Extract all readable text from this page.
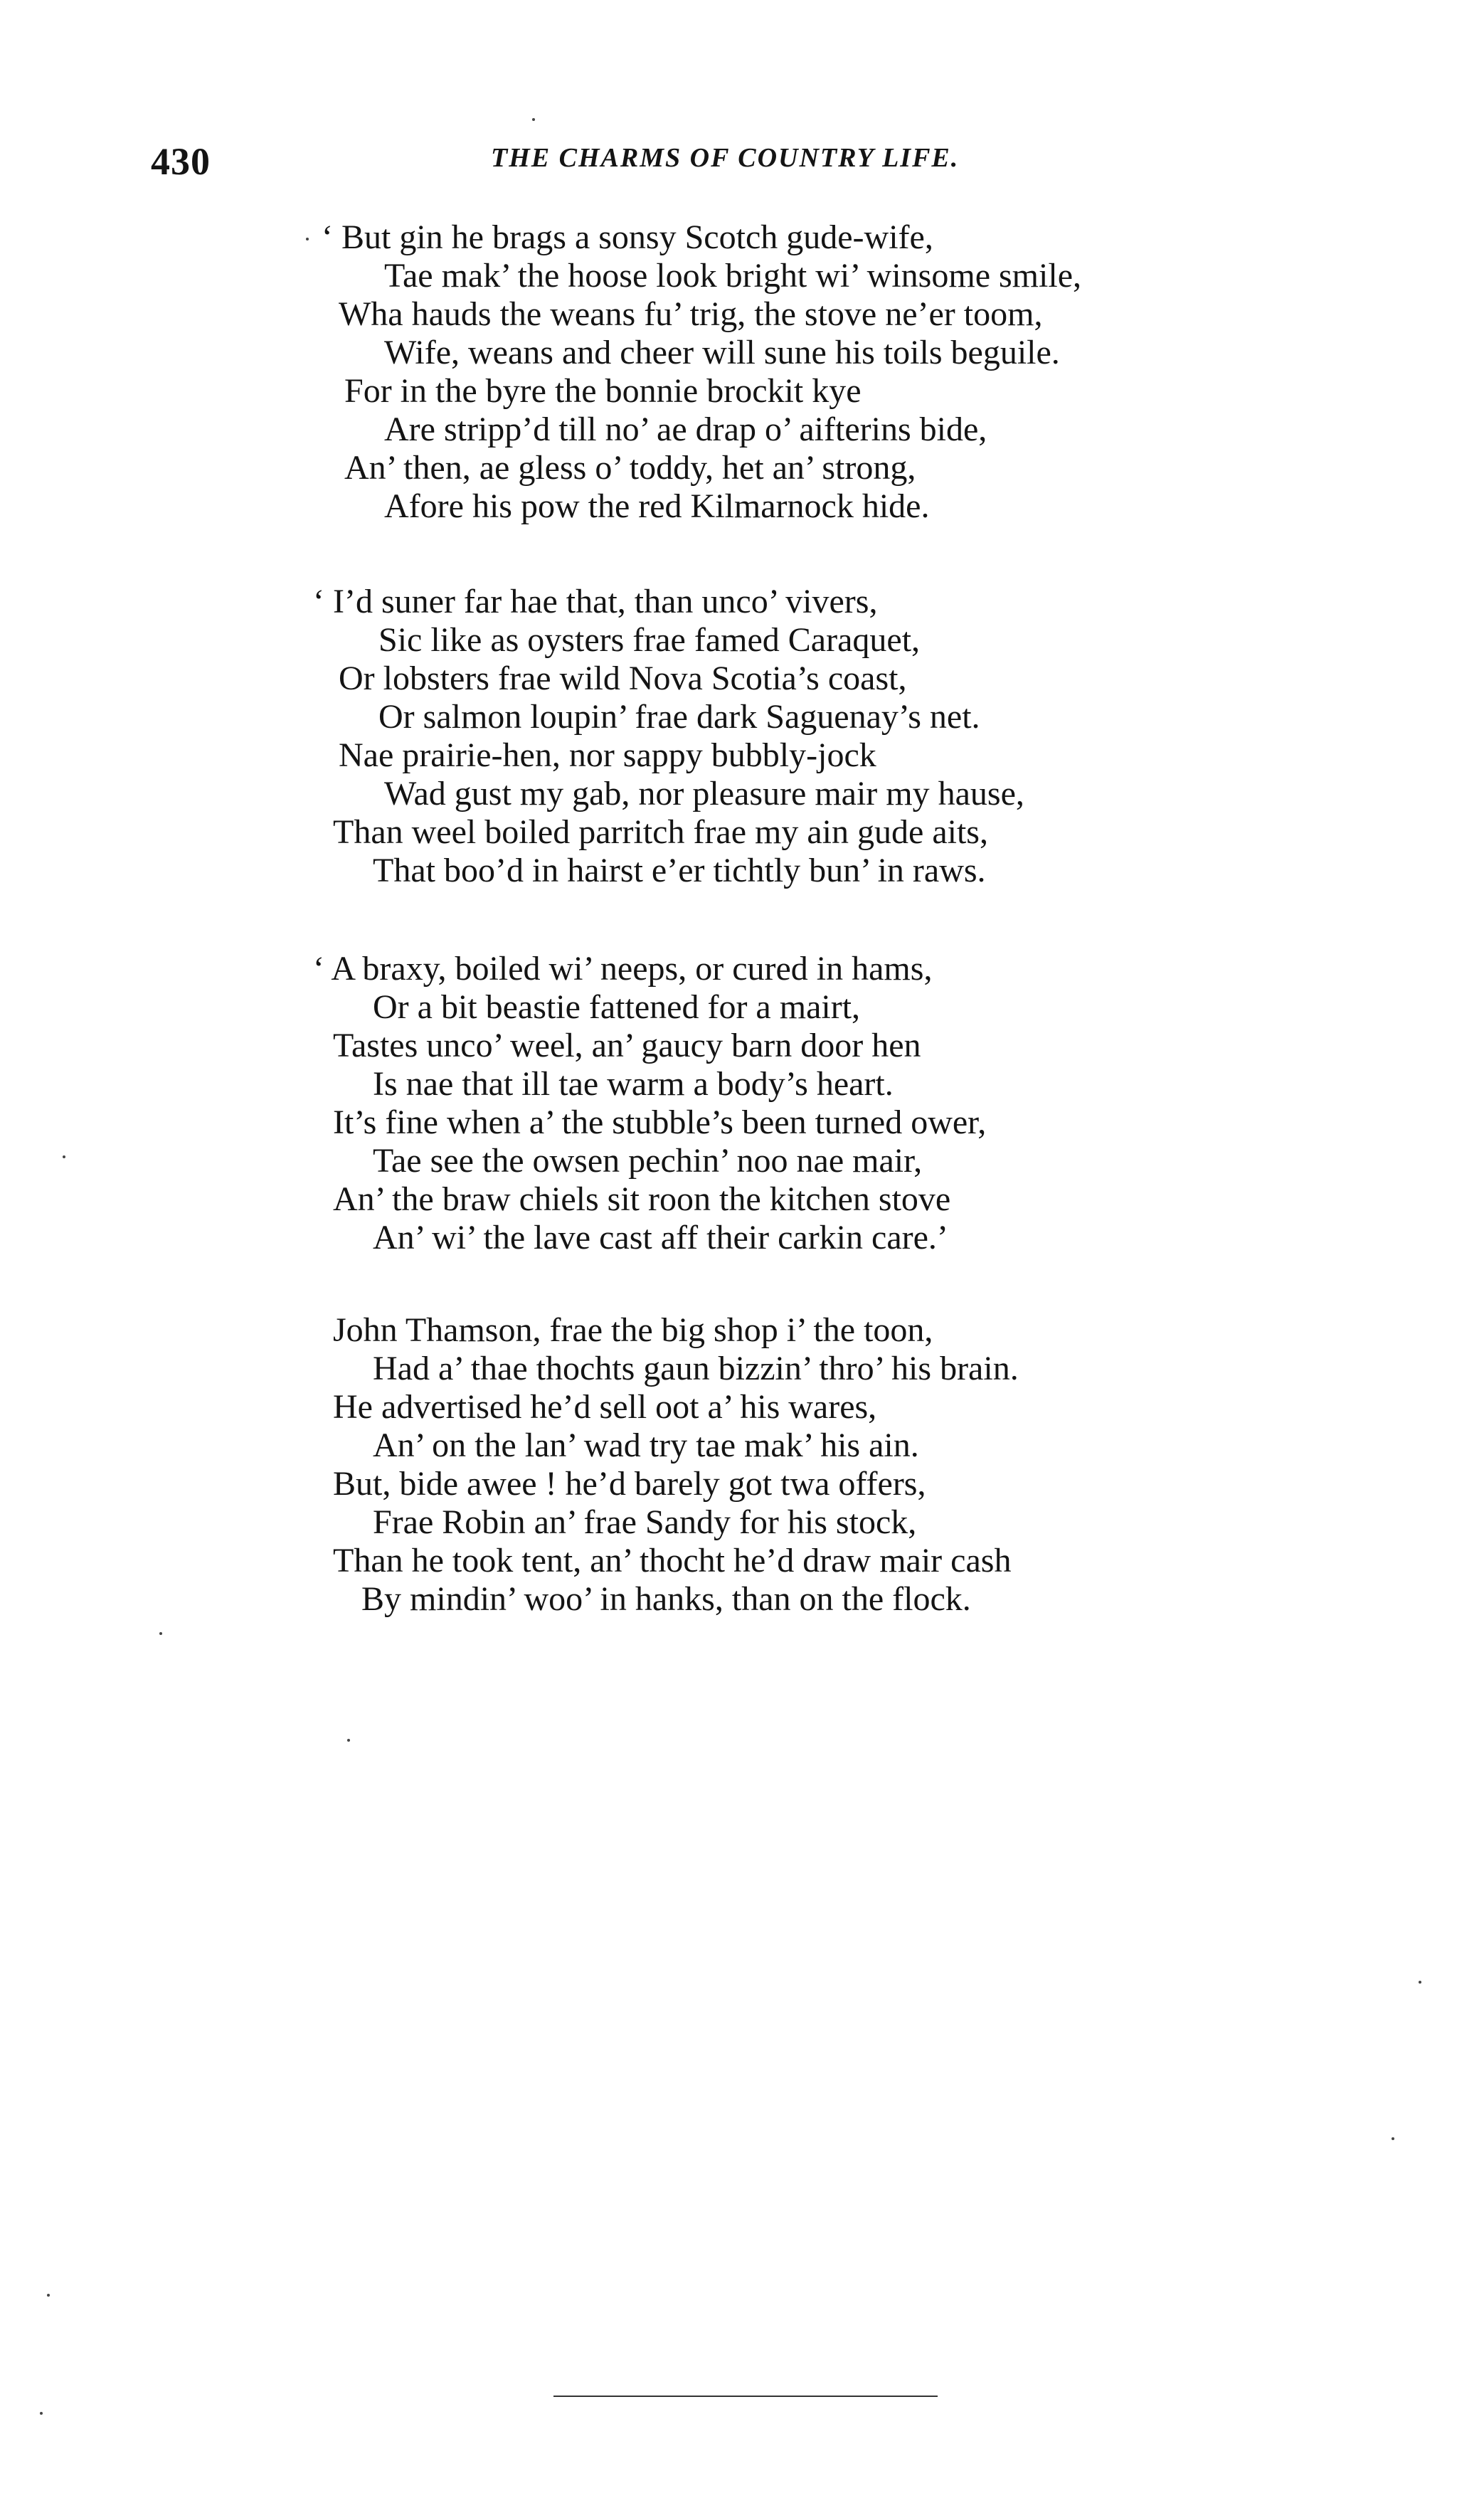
430	THE CHARMS OF COUNTRY LIFE.
‘ But gin he brags a sonsy Scotch gude-wife,
Tae mak’ the hoose look bright wi’ winsome smile,
Wha hauds the weans fu’ trig, the stove ne’er toom,
Wife, weans and cheer will sune his toils beguile.
For in the byre the bonnie brockit kye
Are stripp’d till no’ ae drap o’ aifterins bide,
An’ then, ae gless o’ toddy, het an’ strong,
Afore his pow the red Kilmarnock hide.
‘ I’d suner far hae that, than unco’ vivers,
Sic like as oysters frae famed Caraquet,
Or lobsters frae wild Nova Scotia’s coast,
Or salmon loupin’ frae dark Saguenay’s net.
Nae prairie-hen, nor sappy bubbly-jock
Wad gust my gab, nor pleasure mair my hause,
Than weel boiled parritch frae my ain gude aits,
That boo’d in hairst e’er tichtly bun’ in raws.
‘ A braxy, boiled wi’ neeps, or cured in hams,
Or a bit beastie fattened for a mairt,
Tastes unco’ weel, an’ gaucy barn door hen
Is nae that ill tae warm a body’s heart.
It’s fine when a’ the stubble’s been turned ower,
Tae see the owsen pechin’ noo nae mair,
An’ the braw chiels sit roon the kitchen stove
An’ wi’ the lave cast aff their carkin care.’
John Thamson, frae the big shop i’ the toon,
Had a’ thae thochts gaun bizzin’ thro’ his brain.
He advertised he’d sell oot a’ his wares,
An’ on the lan’ wad try tae mak’ his ain.
But, bide awee ! he’d barely got twa offers,
Frae Robin an’ frae Sandy for his stock,
Than he took tent, an’ thocht he’d draw mair cash
By mindin’ woo’ in hanks, than on the flock.
